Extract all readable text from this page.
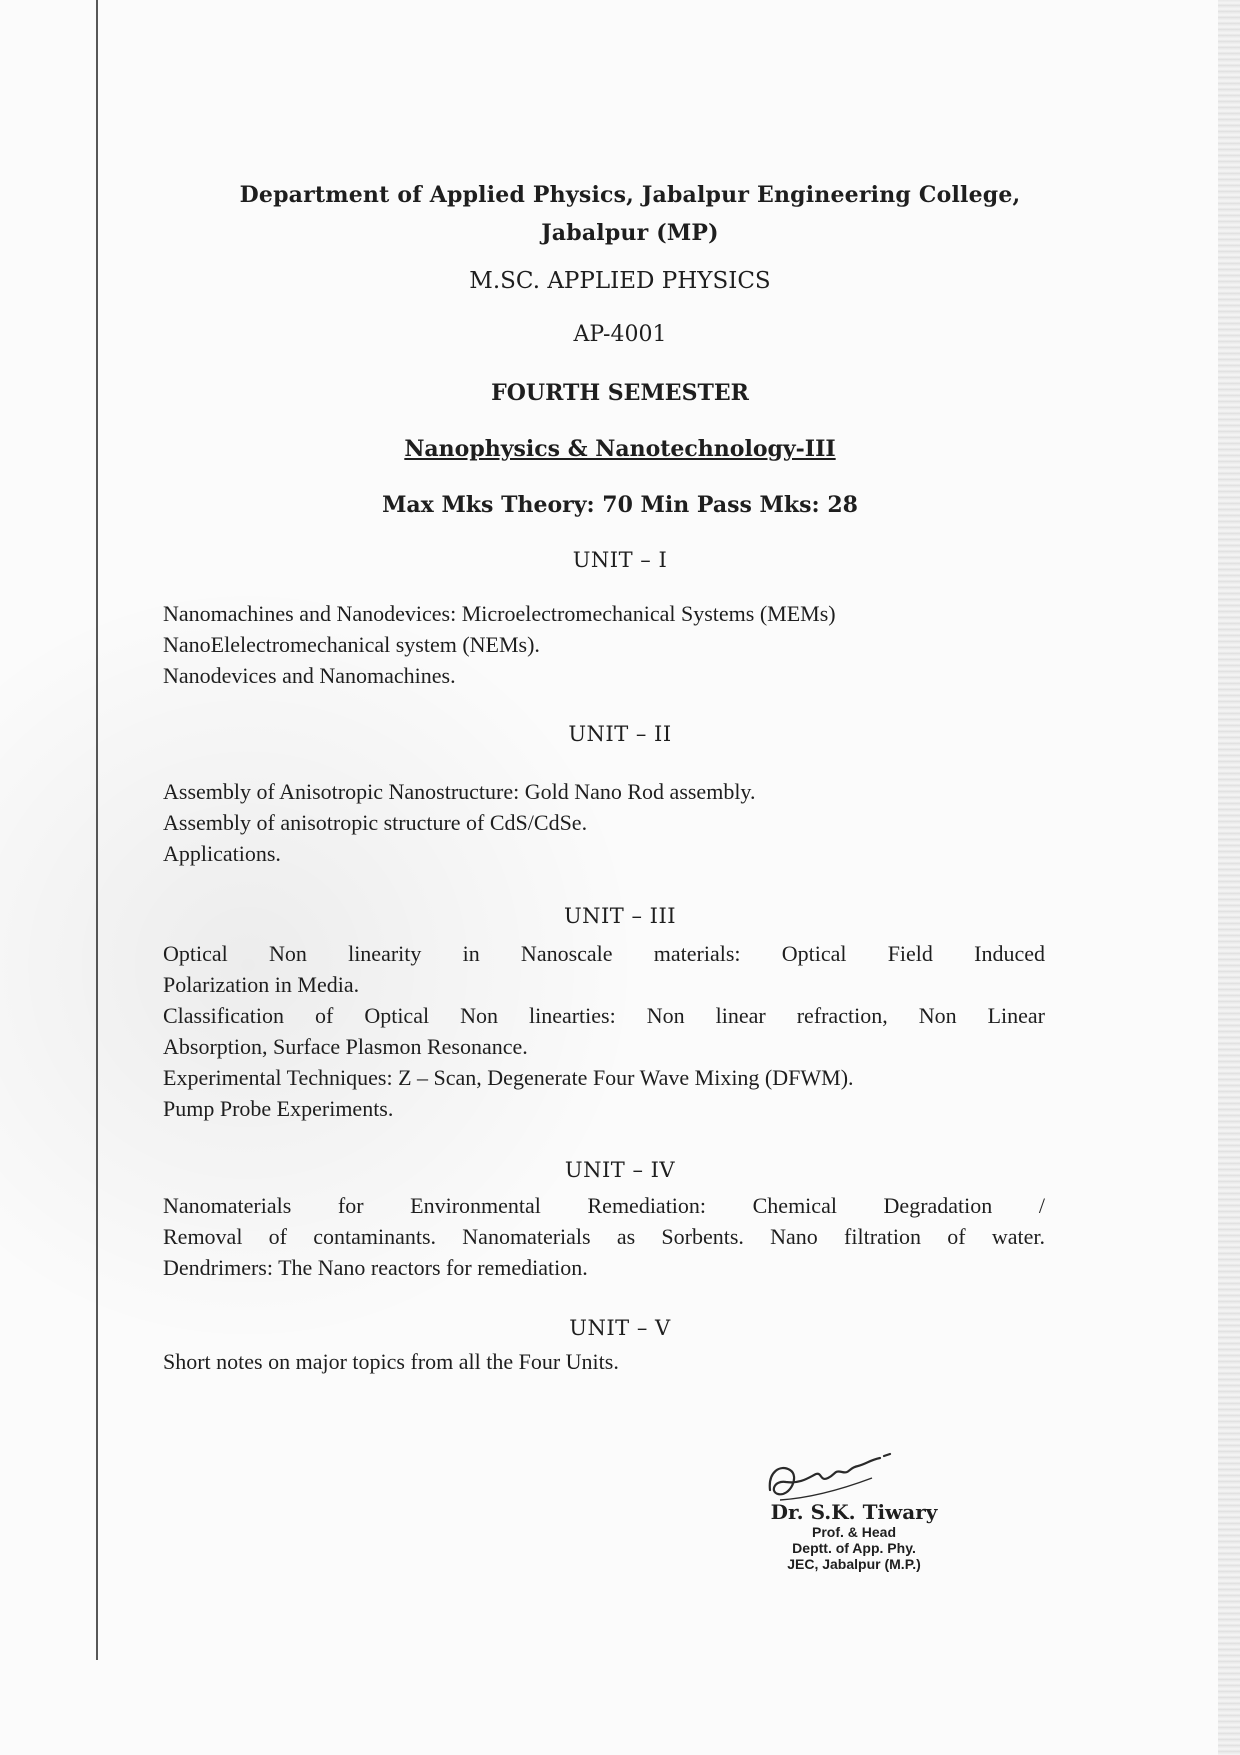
Department of Applied Physics, Jabalpur Engineering College, Jabalpur (MP)
M.SC. APPLIED PHYSICS
AP-4001
FOURTH SEMESTER
Nanophysics & Nanotechnology-III
Max Mks Theory: 70 Min Pass Mks: 28
UNIT – I

Nanomachines and Nanodevices: Microelectromechanical Systems (MEMs)

NanoElelectromechanical system (NEMs).

Nanodevices and Nanomachines.

UNIT – II

Assembly of Anisotropic Nanostructure: Gold Nano Rod assembly.

Assembly of anisotropic structure of CdS/CdSe.

Applications.

UNIT – III

Optical Non linearity in Nanoscale materials: Optical Field Induced

Polarization in Media.

Classification of Optical Non linearties: Non linear refraction, Non Linear

Absorption, Surface Plasmon Resonance.

Experimental Techniques: Z – Scan, Degenerate Four Wave Mixing (DFWM).

Pump Probe Experiments.

UNIT – IV

Nanomaterials for Environmental Remediation: Chemical Degradation /

Removal of contaminants. Nanomaterials as Sorbents. Nano filtration of water.

Dendrimers: The Nano reactors for remediation.

UNIT – V

Short notes on major topics from all the Four Units.

Dr. S.K. Tiwary
Prof. & Head
Deptt. of App. Phy.
JEC, Jabalpur (M.P.)
